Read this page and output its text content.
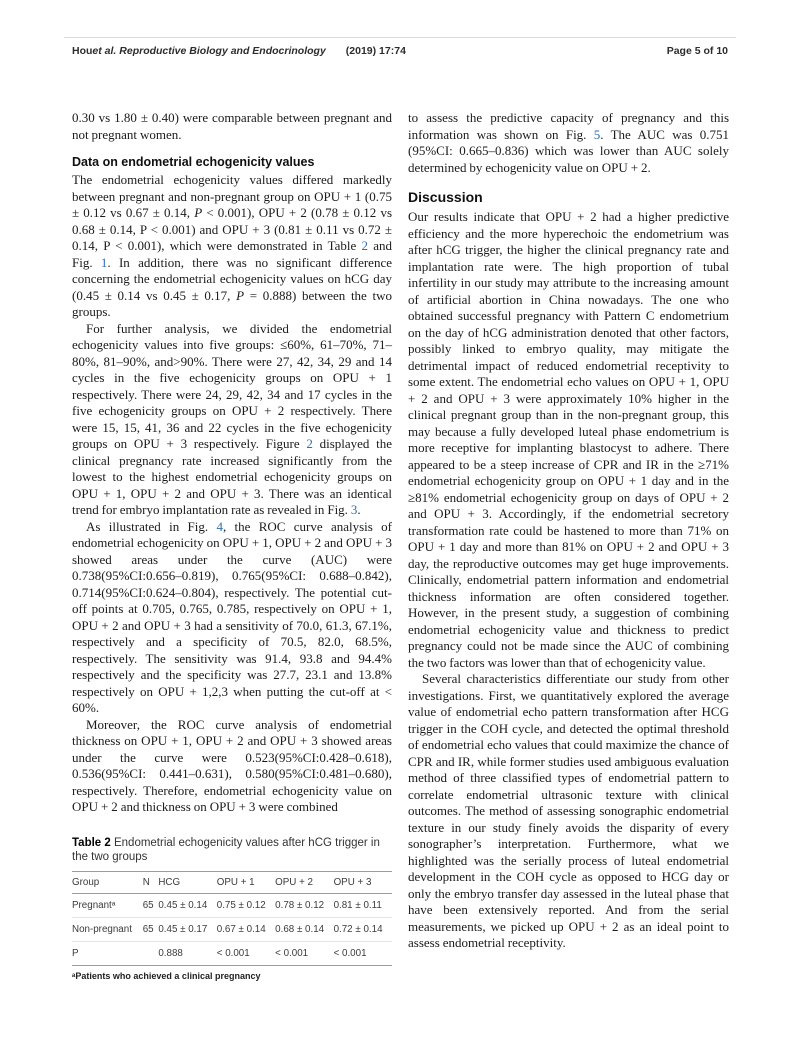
Hou et al. Reproductive Biology and Endocrinology (2019) 17:74	Page 5 of 10

0.30 vs 1.80 ± 0.40) were comparable between pregnant and not pregnant women.

Data on endometrial echogenicity values

The endometrial echogenicity values differed markedly between pregnant and non-pregnant group on OPU + 1 (0.75 ± 0.12 vs 0.67 ± 0.14, P < 0.001), OPU + 2 (0.78 ± 0.12 vs 0.68 ± 0.14, P < 0.001) and OPU + 3 (0.81 ± 0.11 vs 0.72 ± 0.14, P < 0.001), which were demonstrated in Table 2 and Fig. 1. In addition, there was no significant difference concerning the endometrial echogenicity values on hCG day (0.45 ± 0.14 vs 0.45 ± 0.17, P = 0.888) between the two groups.

For further analysis, we divided the endometrial echogenicity values into five groups: ≤60%, 61–70%, 71–80%, 81–90%, and>90%. There were 27, 42, 34, 29 and 14 cycles in the five echogenicity groups on OPU + 1 respectively. There were 24, 29, 42, 34 and 17 cycles in the five echogenicity groups on OPU + 2 respectively. There were 15, 15, 41, 36 and 22 cycles in the five echogenicity groups on OPU + 3 respectively. Figure 2 displayed the clinical pregnancy rate increased significantly from the lowest to the highest endometrial echogenicity groups on OPU + 1, OPU + 2 and OPU + 3. There was an identical trend for embryo implantation rate as revealed in Fig. 3.

As illustrated in Fig. 4, the ROC curve analysis of endometrial echogenicity on OPU + 1, OPU + 2 and OPU + 3 showed areas under the curve (AUC) were 0.738(95%CI:0.656–0.819), 0.765(95%CI: 0.688–0.842), 0.714(95%CI:0.624–0.804), respectively. The potential cut-off points at 0.705, 0.765, 0.785, respectively on OPU + 1, OPU + 2 and OPU + 3 had a sensitivity of 70.0, 61.3, 67.1%, respectively and a specificity of 70.5, 82.0, 68.5%, respectively. The sensitivity was 91.4, 93.8 and 94.4% respectively and the specificity was 27.7, 23.1 and 13.8% respectively on OPU + 1,2,3 when putting the cut-off at < 60%.

Moreover, the ROC curve analysis of endometrial thickness on OPU + 1, OPU + 2 and OPU + 3 showed areas under the curve were 0.523(95%CI:0.428–0.618), 0.536(95%CI: 0.441–0.631), 0.580(95%CI:0.481–0.680), respectively. Therefore, endometrial echogenicity value on OPU + 2 and thickness on OPU + 3 were combined

Table 2 Endometrial echogenicity values after hCG trigger in the two groups
Group	N	HCG	OPU + 1	OPU + 2	OPU + 3
Pregnantᵃ	65	0.45 ± 0.14	0.75 ± 0.12	0.78 ± 0.12	0.81 ± 0.11
Non-pregnant	65	0.45 ± 0.17	0.67 ± 0.14	0.68 ± 0.14	0.72 ± 0.14
P		0.888	< 0.001	< 0.001	< 0.001
ᵃPatients who achieved a clinical pregnancy

to assess the predictive capacity of pregnancy and this information was shown on Fig. 5. The AUC was 0.751 (95%CI: 0.665–0.836) which was lower than AUC solely determined by echogenicity value on OPU + 2.

Discussion

Our results indicate that OPU + 2 had a higher predictive efficiency and the more hyperechoic the endometrium was after hCG trigger, the higher the clinical pregnancy rate and implantation rate were. The high proportion of tubal infertility in our study may attribute to the increasing amount of artificial abortion in China nowadays. The one who obtained successful pregnancy with Pattern C endometrium on the day of hCG administration denoted that other factors, possibly linked to embryo quality, may mitigate the detrimental impact of reduced endometrial receptivity to some extent. The endometrial echo values on OPU + 1, OPU + 2 and OPU + 3 were approximately 10% higher in the clinical pregnant group than in the non-pregnant group, this may because a fully developed luteal phase endometrium is more receptive for implanting blastocyst to adhere. There appeared to be a steep increase of CPR and IR in the ≥71% endometrial echogenicity group on OPU + 1 day and in the ≥81% endometrial echogenicity group on days of OPU + 2 and OPU + 3. Accordingly, if the endometrial secretory transformation rate could be hastened to more than 71% on OPU + 1 day and more than 81% on OPU + 2 and OPU + 3 day, the reproductive outcomes may get huge improvements. Clinically, endometrial pattern information and endometrial thickness information are often considered together. However, in the present study, a suggestion of combining endometrial echogenicity value and thickness to predict pregnancy could not be made since the AUC of combining the two factors was lower than that of echogenicity value.

Several characteristics differentiate our study from other investigations. First, we quantitatively explored the average value of endometrial echo pattern transformation after HCG trigger in the COH cycle, and detected the optimal threshold of endometrial echo values that could maximize the chance of CPR and IR, while former studies used ambiguous evaluation method of three classified types of endometrial pattern to correlate endometrial ultrasonic texture with clinical outcomes. The method of assessing sonographic endometrial texture in our study finely avoids the disparity of every sonographer’s interpretation. Furthermore, what we highlighted was the serially process of luteal endometrial development in the COH cycle as opposed to HCG day or only the embryo transfer day assessed in the luteal phase that have been extensively reported. And from the serial measurements, we picked up OPU + 2 as an ideal point to assess endometrial receptivity.
